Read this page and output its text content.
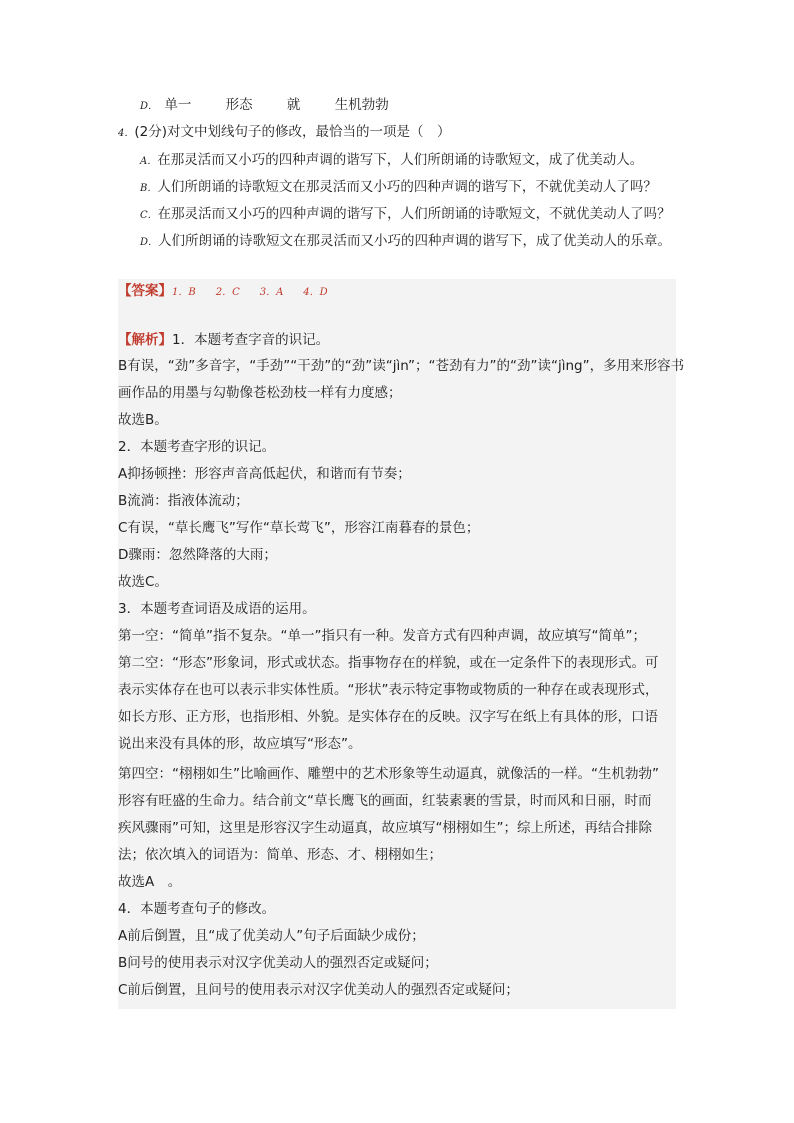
D． 单一	形态	就	生机勃勃
4．(2分)对文中划线句子的修改，最恰当的一项是（　）
A．在那灵活而又小巧的四种声调的谐写下，人们所朗诵的诗歌短文，成了优美动人。
B．人们所朗诵的诗歌短文在那灵活而又小巧的四种声调的谐写下，不就优美动人了吗？
C．在那灵活而又小巧的四种声调的谐写下，人们所朗诵的诗歌短文，不就优美动人了吗？
D．人们所朗诵的诗歌短文在那灵活而又小巧的四种声调的谐写下，成了优美动人的乐章。
【答案】1．B　　2．C　　3．A　　4．D
【解析】1．本题考查字音的识记。
B有误，“劲”多音字，“手劲”“干劲”的“劲”读“jìn”；“苍劲有力”的“劲”读“jìng”，多用来形容书
画作品的用墨与勾勒像苍松劲枝一样有力度感；
故选B。
2．本题考查字形的识记。
A抑扬顿挫：形容声音高低起伏，和谐而有节奏；
B流淌：指液体流动；
C有误，“草长鹰飞”写作“草长莺飞”，形容江南暮春的景色；
D骤雨：忽然降落的大雨；
故选C。
3．本题考查词语及成语的运用。
第一空：“简单”指不复杂。“单一”指只有一种。发音方式有四种声调，故应填写“简单”；
第二空：“形态”形象词，形式或状态。指事物存在的样貌，或在一定条件下的表现形式。可
表示实体存在也可以表示非实体性质。“形状”表示特定事物或物质的一种存在或表现形式，
如长方形、正方形，也指形相、外貌。是实体存在的反映。汉字写在纸上有具体的形，口语
说出来没有具体的形，故应填写“形态”。
第四空：“栩栩如生”比喻画作、雕塑中的艺术形象等生动逼真，就像活的一样。“生机勃勃”
形容有旺盛的生命力。结合前文“草长鹰飞的画面，红装素裹的雪景，时而风和日丽，时而
疾风骤雨”可知，这里是形容汉字生动逼真，故应填写“栩栩如生”；综上所述，再结合排除
法；依次填入的词语为：简单、形态、才、栩栩如生；
故选A　。
4．本题考查句子的修改。
A前后倒置，且“成了优美动人”句子后面缺少成份；
B问号的使用表示对汉字优美动人的强烈否定或疑问；
C前后倒置，且问号的使用表示对汉字优美动人的强烈否定或疑问；
